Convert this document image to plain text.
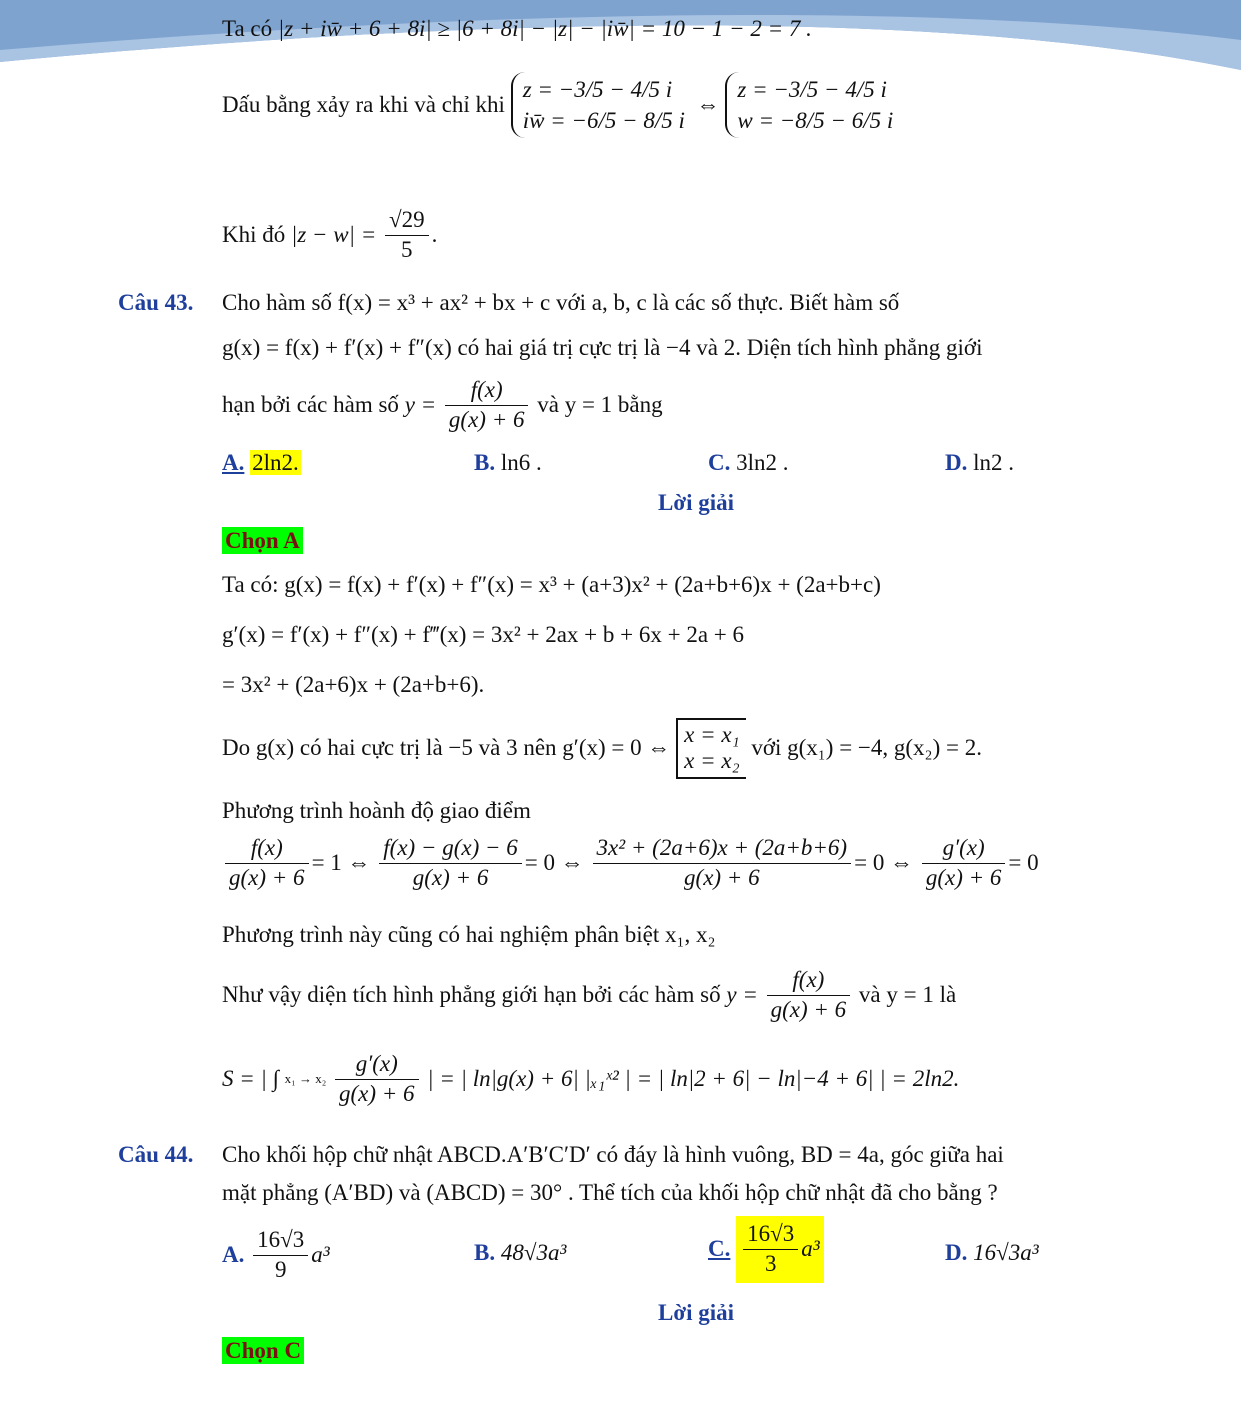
Ta có |z + iw̄ + 6 + 8i| ≥ |6 + 8i| − |z| − |iw̄| = 10 − 1 − 2 = 7 .
Dấu bằng xảy ra khi và chỉ khi
z = −3/5 − 4/5 i
iw̄ = −6/5 − 8/5 i
⇔
z = −3/5 − 4/5 i
w = −8/5 − 6/5 i
Khi đó $|z - w| = \frac{√29}{5}$ .
Câu 43. Cho hàm số f(x) = x³ + ax² + bx + c với a, b, c là các số thực. Biết hàm số
g(x) = f(x) + f′(x) + f″(x) có hai giá trị cực trị là −4 và 2. Diện tích hình phẳng giới
hạn bởi các hàm số $y = \frac{f(x)}{g(x) + 6}$ và y = 1 bằng
A. 2ln2.	B. ln6 .	C. 3ln2 .	D. ln2 .
Lời giải
Chọn A
Ta có: g(x) = f(x) + f′(x) + f″(x) = x³ + (a+3)x² + (2a+b+6)x + (2a+b+c)
g′(x) = f′(x) + f″(x) + f‴(x) = 3x² + 2ax + b + 6x + 2a + 6
= 3x² + (2a+6)x + (2a+b+6).
Do g(x) có hai cực trị là −5 và 3 nên g′(x) = 0 ⇔
x = x₁
x = x₂
với g(x₁) = −4, g(x₂) = 2.
Phương trình hoành độ giao điểm
$\frac{f(x)}{g(x) + 6} = 1$ ⇔ $\frac{f(x) - g(x) - 6}{g(x) + 6} = 0$ ⇔ $\frac{\text{3x² + (2a+6)x + (2a+b+6)}}{g(x) + 6} = 0$ ⇔ $\frac{g'(x)}{g(x) + 6} = 0$
Phương trình này cũng có hai nghiệm phân biệt x₁, x₂
Như vậy diện tích hình phẳng giới hạn bởi các hàm số $y = \frac{f(x)}{g(x) + 6}$ và y = 1 là
S = | ∫ $x_1 \to x_2 \frac{g'(x)}{g(x) + 6}$ | = | ln|g(x) + 6| |ₓ₁ˣ² | = | ln|2 + 6| − ln|−4 + 6| | = 2ln2.
Câu 44. Cho khối hộp chữ nhật ABCD.A′B′C′D′ có đáy là hình vuông, BD = 4a, góc giữa hai
mặt phẳng (A′BD) và (ABCD) = 30° . Thể tích của khối hộp chữ nhật đã cho bằng ?
A. $\frac{16√3}{9} a^3$	B. 48√3a³	C. $\frac{16√3}{3} a^3$	D. 16√3a³
Lời giải
Chọn C
